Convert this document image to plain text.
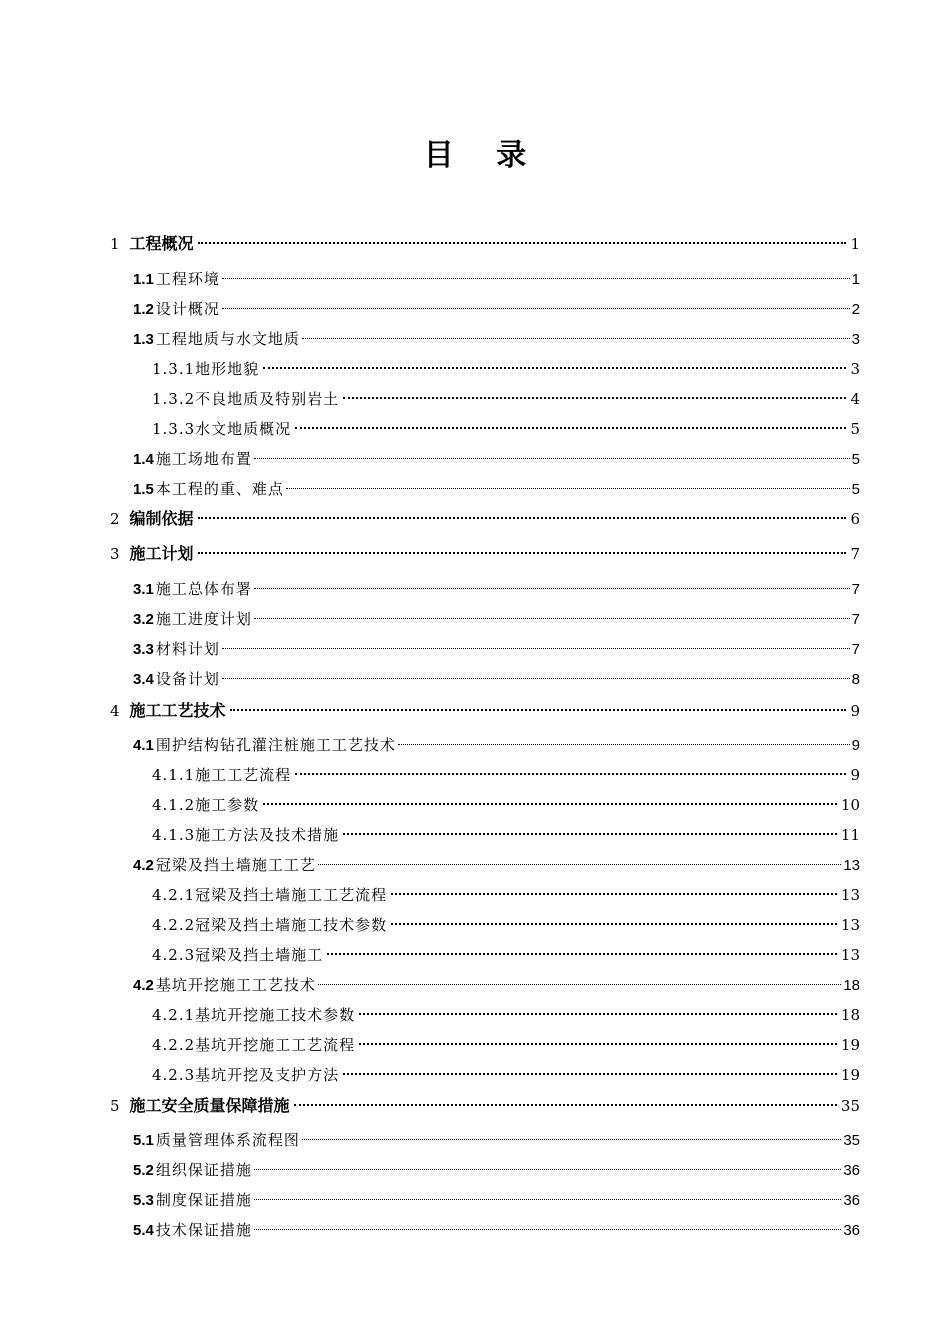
目 录
1 工程概况	1
1.1 工程环境	1
1.2 设计概况	2
1.3 工程地质与水文地质	3
1.3.1 地形地貌	3
1.3.2 不良地质及特别岩土	4
1.3.3 水文地质概况	5
1.4 施工场地布置	5
1.5 本工程的重、难点	5
2 编制依据	6
3 施工计划	7
3.1 施工总体布署	7
3.2 施工进度计划	7
3.3 材料计划	7
3.4 设备计划	8
4 施工工艺技术	9
4.1 围护结构钻孔灌注桩施工工艺技术	9
4.1.1 施工工艺流程	9
4.1.2 施工参数	10
4.1.3 施工方法及技术措施	11
4.2 冠梁及挡土墙施工工艺	13
4.2.1 冠梁及挡土墙施工工艺流程	13
4.2.2 冠梁及挡土墙施工技术参数	13
4.2.3 冠梁及挡土墙施工	13
4.2 基坑开挖施工工艺技术	18
4.2.1 基坑开挖施工技术参数	18
4.2.2 基坑开挖施工工艺流程	19
4.2.3 基坑开挖及支护方法	19
5 施工安全质量保障措施	35
5.1 质量管理体系流程图	35
5.2 组织保证措施	36
5.3 制度保证措施	36
5.4 技术保证措施	36
